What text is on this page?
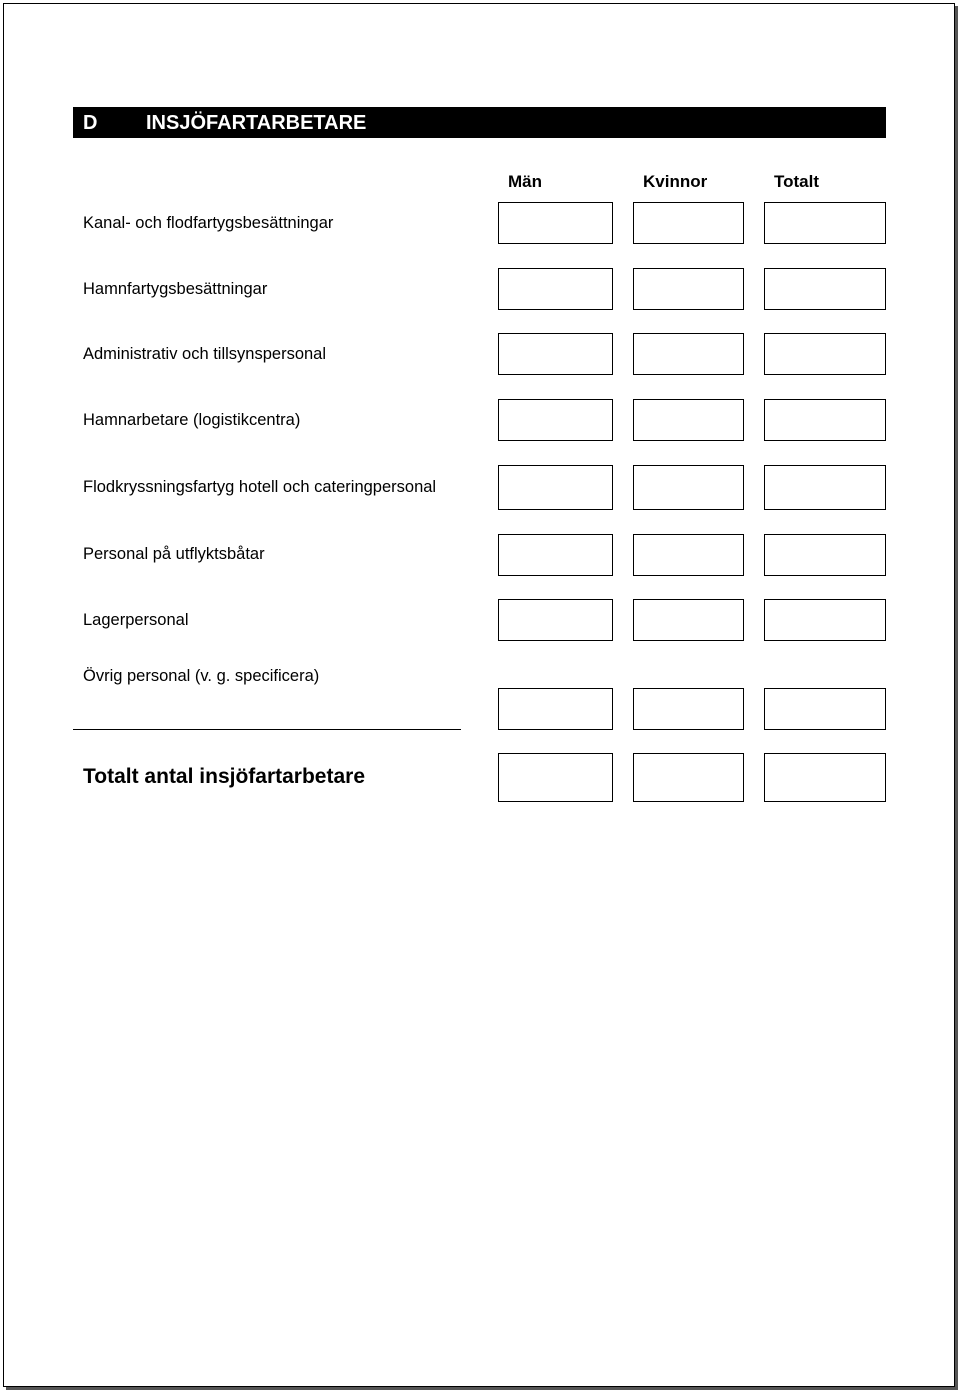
D INSJÖFARTARBETARE
Män	Kvinnor	Totalt
Kanal- och flodfartygsbesättningar
Hamnfartygsbesättningar
Administrativ och tillsynspersonal
Hamnarbetare (logistikcentra)
Flodkryssningsfartyg hotell och cateringpersonal
Personal på utflyktsbåtar
Lagerpersonal
Övrig personal (v. g. specificera)
Totalt antal insjöfartarbetare
